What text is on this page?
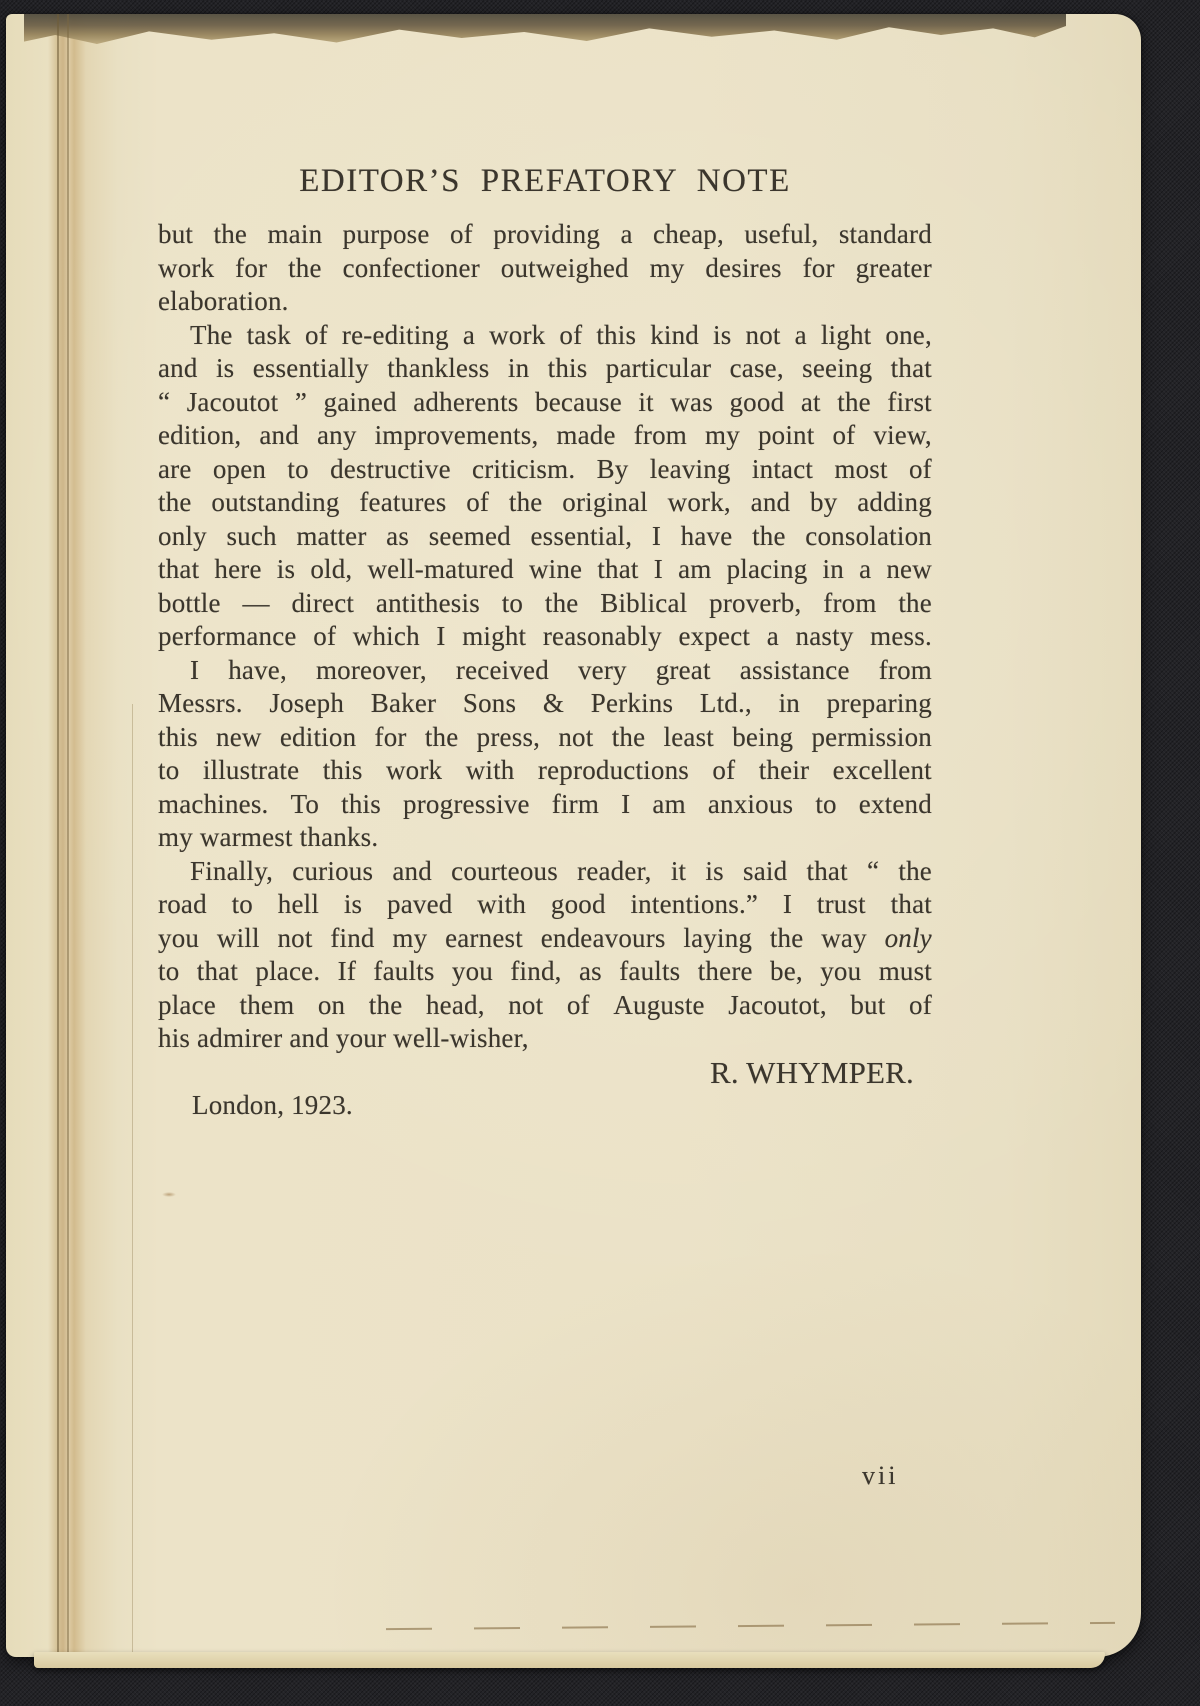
EDITOR’S PREFATORY NOTE
but the main purpose of providing a cheap, useful, standard
work for the confectioner outweighed my desires for greater
elaboration.
The task of re-editing a work of this kind is not a light one,
and is essentially thankless in this particular case, seeing that
“ Jacoutot ” gained adherents because it was good at the first
edition, and any improvements, made from my point of view,
are open to destructive criticism. By leaving intact most of
the outstanding features of the original work, and by adding
only such matter as seemed essential, I have the consolation
that here is old, well-matured wine that I am placing in a new
bottle — direct antithesis to the Biblical proverb, from the
performance of which I might reasonably expect a nasty mess.
I have, moreover, received very great assistance from
Messrs. Joseph Baker Sons & Perkins Ltd., in preparing
this new edition for the press, not the least being permission
to illustrate this work with reproductions of their excellent
machines. To this progressive firm I am anxious to extend
my warmest thanks.
Finally, curious and courteous reader, it is said that “ the
road to hell is paved with good intentions.” I trust that
you will not find my earnest endeavours laying the way only
to that place. If faults you find, as faults there be, you must
place them on the head, not of Auguste Jacoutot, but of
his admirer and your well-wisher,
R. WHYMPER.
London, 1923.
vii
